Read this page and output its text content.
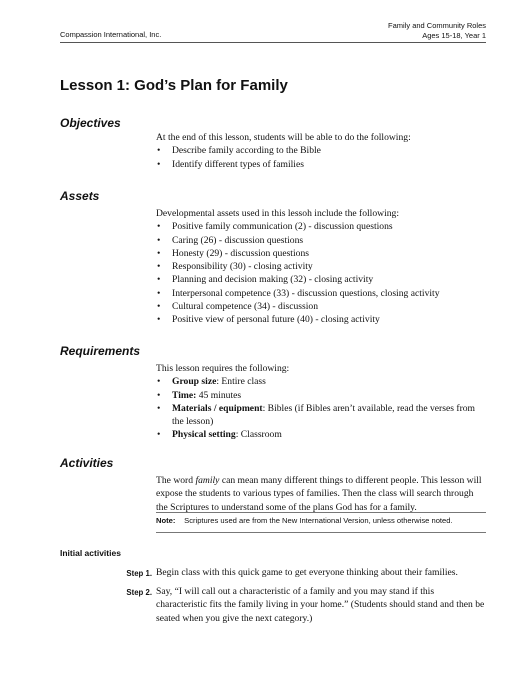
Compassion International, Inc.
Family and Community Roles
Ages 15-18, Year 1
Lesson 1: God’s Plan for Family
Objectives

At the end of this lesson, students will be able to do the following:

• Describe family according to the Bible
• Identify different types of families
Assets

Developmental assets used in this lessoh include the following:

• Positive family communication (2) - discussion questions
• Caring (26) - discussion questions
• Honesty (29) - discussion questions
• Responsibility (30) - closing activity
• Planning and decision making (32) - closing activity
• Interpersonal competence (33) - discussion questions, closing activity
• Cultural competence (34) - discussion
• Positive view of personal future (40) - closing activity
Requirements

This lesson requires the following:

• Group size: Entire class
• Time: 45 minutes
• Materials / equipment: Bibles (if Bibles aren’t available, read the verses from the lesson)
• Physical setting: Classroom
Activities

The word family can mean many different things to different people. This lesson will expose the students to various types of families. Then the class will search through the Scriptures to understand some of the plans God has for a family.

Note: Scriptures used are from the New International Version, unless otherwise noted.
Initial activities
Step 1. Begin class with this quick game to get everyone thinking about their families.
Step 2. Say, “I will call out a characteristic of a family and you may stand if this characteristic fits the family living in your home.” (Students should stand and then be seated when you give the next category.)
